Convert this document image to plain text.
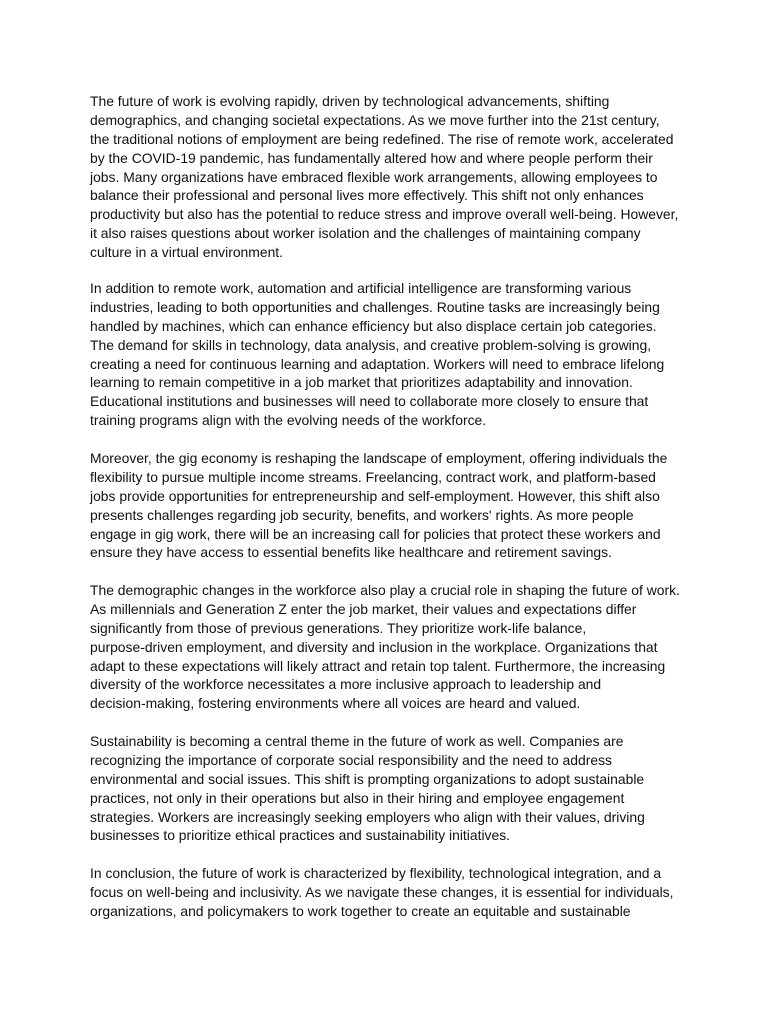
The future of work is evolving rapidly, driven by technological advancements, shifting
demographics, and changing societal expectations. As we move further into the 21st century,
the traditional notions of employment are being redefined. The rise of remote work, accelerated
by the COVID-19 pandemic, has fundamentally altered how and where people perform their
jobs. Many organizations have embraced flexible work arrangements, allowing employees to
balance their professional and personal lives more effectively. This shift not only enhances
productivity but also has the potential to reduce stress and improve overall well-being. However,
it also raises questions about worker isolation and the challenges of maintaining company
culture in a virtual environment.

In addition to remote work, automation and artificial intelligence are transforming various
industries, leading to both opportunities and challenges. Routine tasks are increasingly being
handled by machines, which can enhance efficiency but also displace certain job categories.
The demand for skills in technology, data analysis, and creative problem-solving is growing,
creating a need for continuous learning and adaptation. Workers will need to embrace lifelong
learning to remain competitive in a job market that prioritizes adaptability and innovation.
Educational institutions and businesses will need to collaborate more closely to ensure that
training programs align with the evolving needs of the workforce.

Moreover, the gig economy is reshaping the landscape of employment, offering individuals the
flexibility to pursue multiple income streams. Freelancing, contract work, and platform-based
jobs provide opportunities for entrepreneurship and self-employment. However, this shift also
presents challenges regarding job security, benefits, and workers' rights. As more people
engage in gig work, there will be an increasing call for policies that protect these workers and
ensure they have access to essential benefits like healthcare and retirement savings.

The demographic changes in the workforce also play a crucial role in shaping the future of work.
As millennials and Generation Z enter the job market, their values and expectations differ
significantly from those of previous generations. They prioritize work-life balance,
purpose-driven employment, and diversity and inclusion in the workplace. Organizations that
adapt to these expectations will likely attract and retain top talent. Furthermore, the increasing
diversity of the workforce necessitates a more inclusive approach to leadership and
decision-making, fostering environments where all voices are heard and valued.

Sustainability is becoming a central theme in the future of work as well. Companies are
recognizing the importance of corporate social responsibility and the need to address
environmental and social issues. This shift is prompting organizations to adopt sustainable
practices, not only in their operations but also in their hiring and employee engagement
strategies. Workers are increasingly seeking employers who align with their values, driving
businesses to prioritize ethical practices and sustainability initiatives.

In conclusion, the future of work is characterized by flexibility, technological integration, and a
focus on well-being and inclusivity. As we navigate these changes, it is essential for individuals,
organizations, and policymakers to work together to create an equitable and sustainable
